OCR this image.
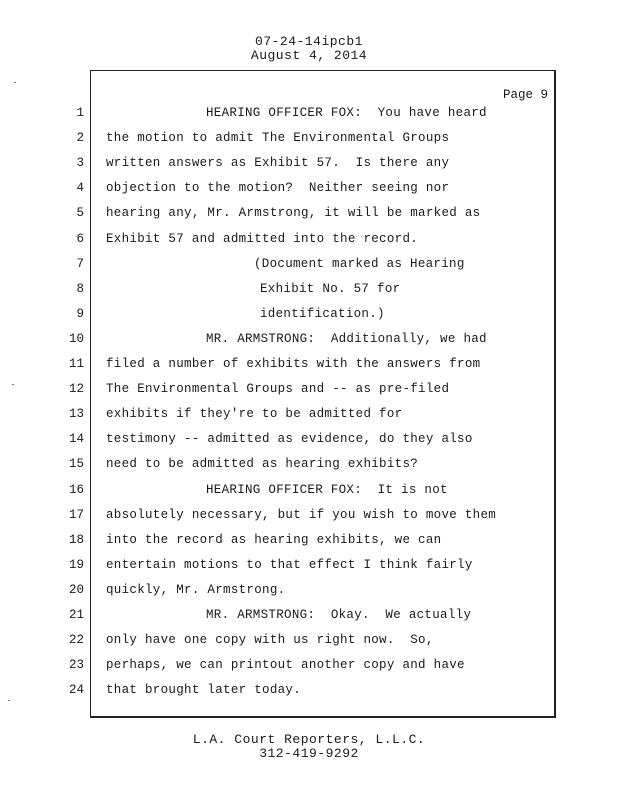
07-24-14ipcb1
August 4, 2014
Page 9
1
2
3
4
5
6
7
8
9
10
11
12
13
14
15
16
17
18
19
20
21
22
23
24
HEARING OFFICER FOX:  You have heard
the motion to admit The Environmental Groups
written answers as Exhibit 57.  Is there any
objection to the motion?  Neither seeing nor
hearing any, Mr. Armstrong, it will be marked as
Exhibit 57 and admitted into the record.
(Document marked as Hearing
Exhibit No. 57 for
identification.)
MR. ARMSTRONG:  Additionally, we had
filed a number of exhibits with the answers from
The Environmental Groups and -- as pre-filed
exhibits if they're to be admitted for
testimony -- admitted as evidence, do they also
need to be admitted as hearing exhibits?
HEARING OFFICER FOX:  It is not
absolutely necessary, but if you wish to move them
into the record as hearing exhibits, we can
entertain motions to that effect I think fairly
quickly, Mr. Armstrong.
MR. ARMSTRONG:  Okay.  We actually
only have one copy with us right now.  So,
perhaps, we can printout another copy and have
that brought later today.
L.A. Court Reporters, L.L.C.
312-419-9292
